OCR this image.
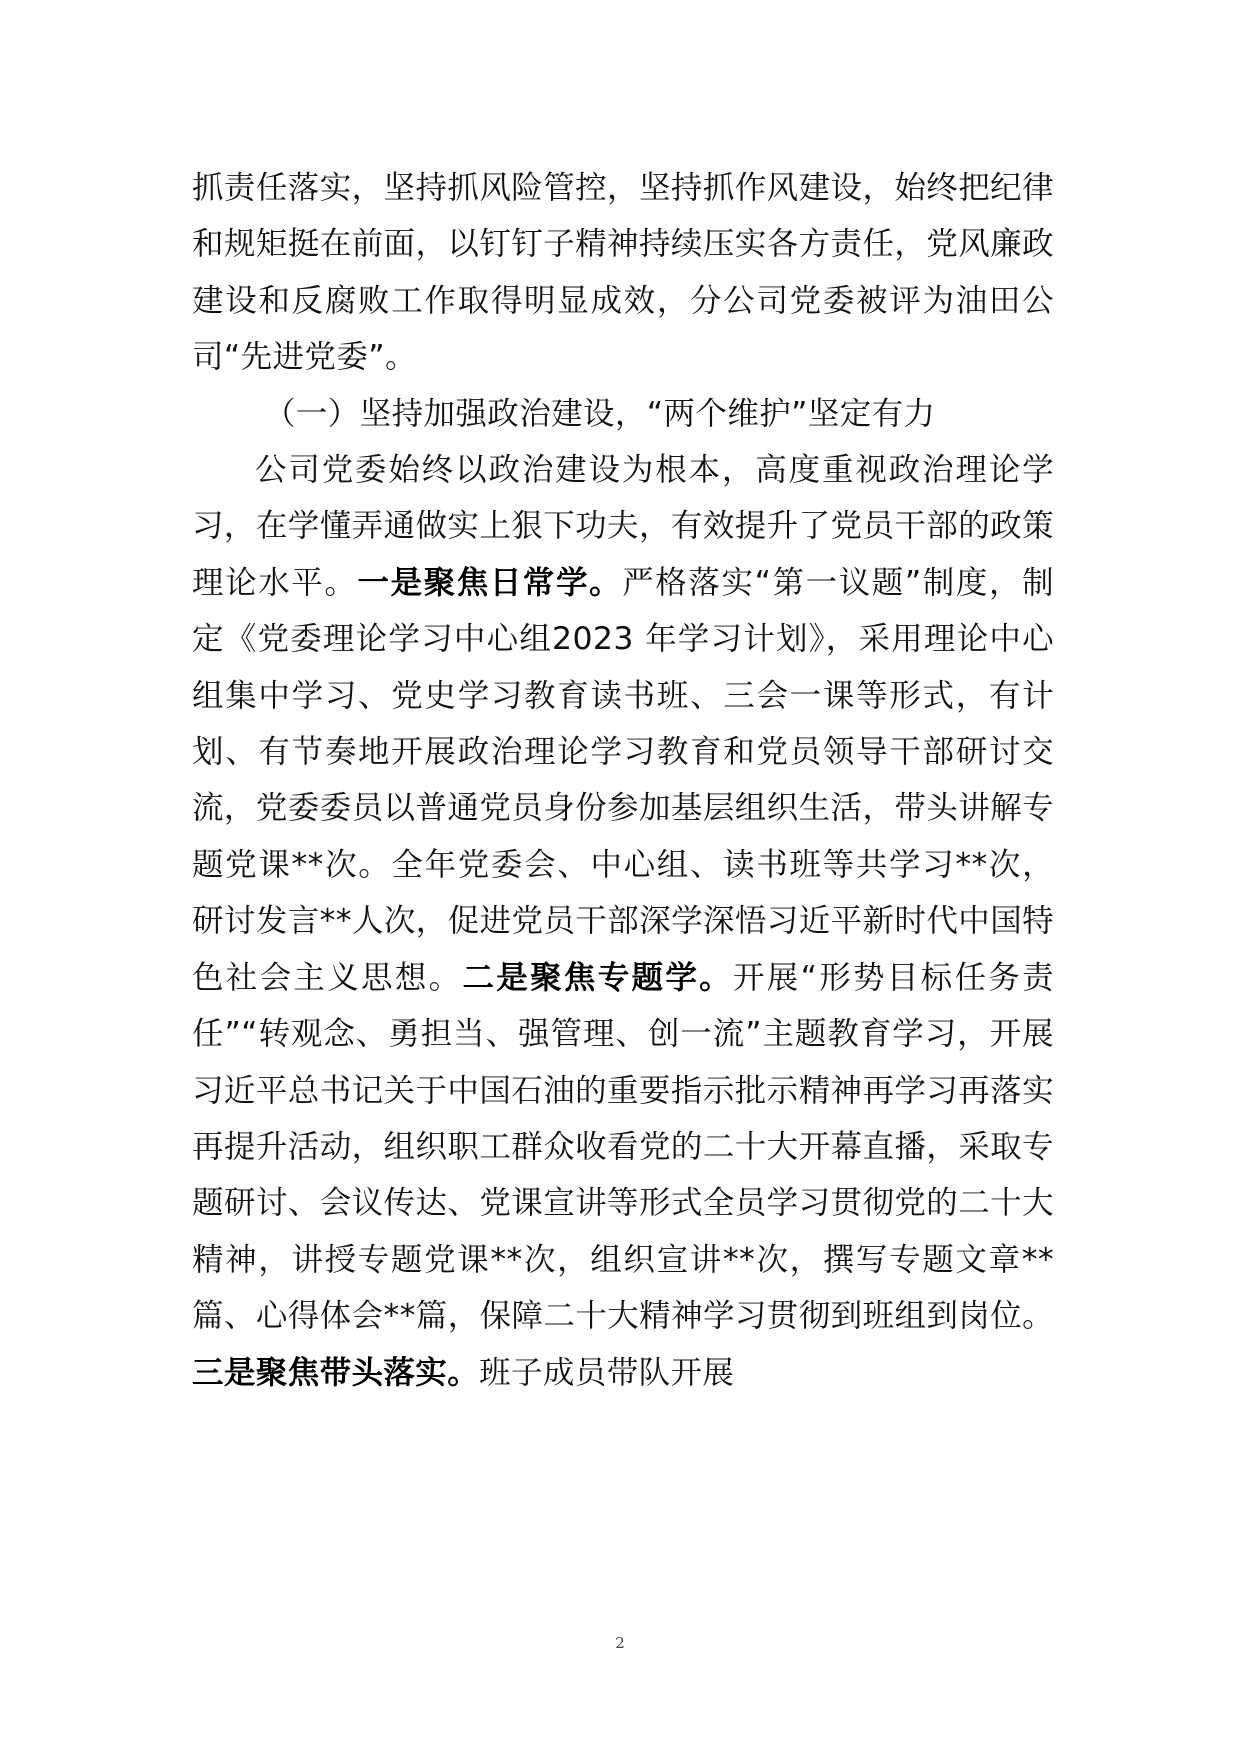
抓责任落实，坚持抓风险管控，坚持抓作风建设，始终把纪律和规矩挺在前面，以钉钉子精神持续压实各方责任，党风廉政建设和反腐败工作取得明显成效，分公司党委被评为油田公司“先进党委”。

（一）坚持加强政治建设，“两个维护”坚定有力

公司党委始终以政治建设为根本，高度重视政治理论学习，在学懂弄通做实上狠下功夫，有效提升了党员干部的政策理论水平。一是聚焦日常学。严格落实“第一议题”制度，制定《党委理论学习中心组2023 年学习计划》，采用理论中心组集中学习、党史学习教育读书班、三会一课等形式，有计划、有节奏地开展政治理论学习教育和党员领导干部研讨交流，党委委员以普通党员身份参加基层组织生活，带头讲解专题党课**次。全年党委会、中心组、读书班等共学习**次，研讨发言**人次，促进党员干部深学深悟习近平新时代中国特色社会主义思想。二是聚焦专题学。开展“形势目标任务责任”“转观念、勇担当、强管理、创一流”主题教育学习，开展习近平总书记关于中国石油的重要指示批示精神再学习再落实再提升活动，组织职工群众收看党的二十大开幕直播，采取专题研讨、会议传达、党课宣讲等形式全员学习贯彻党的二十大精神，讲授专题党课**次，组织宣讲**次，撰写专题文章**篇、心得体会**篇，保障二十大精神学习贯彻到班组到岗位。三是聚焦带头落实。班子成员带队开展

2
